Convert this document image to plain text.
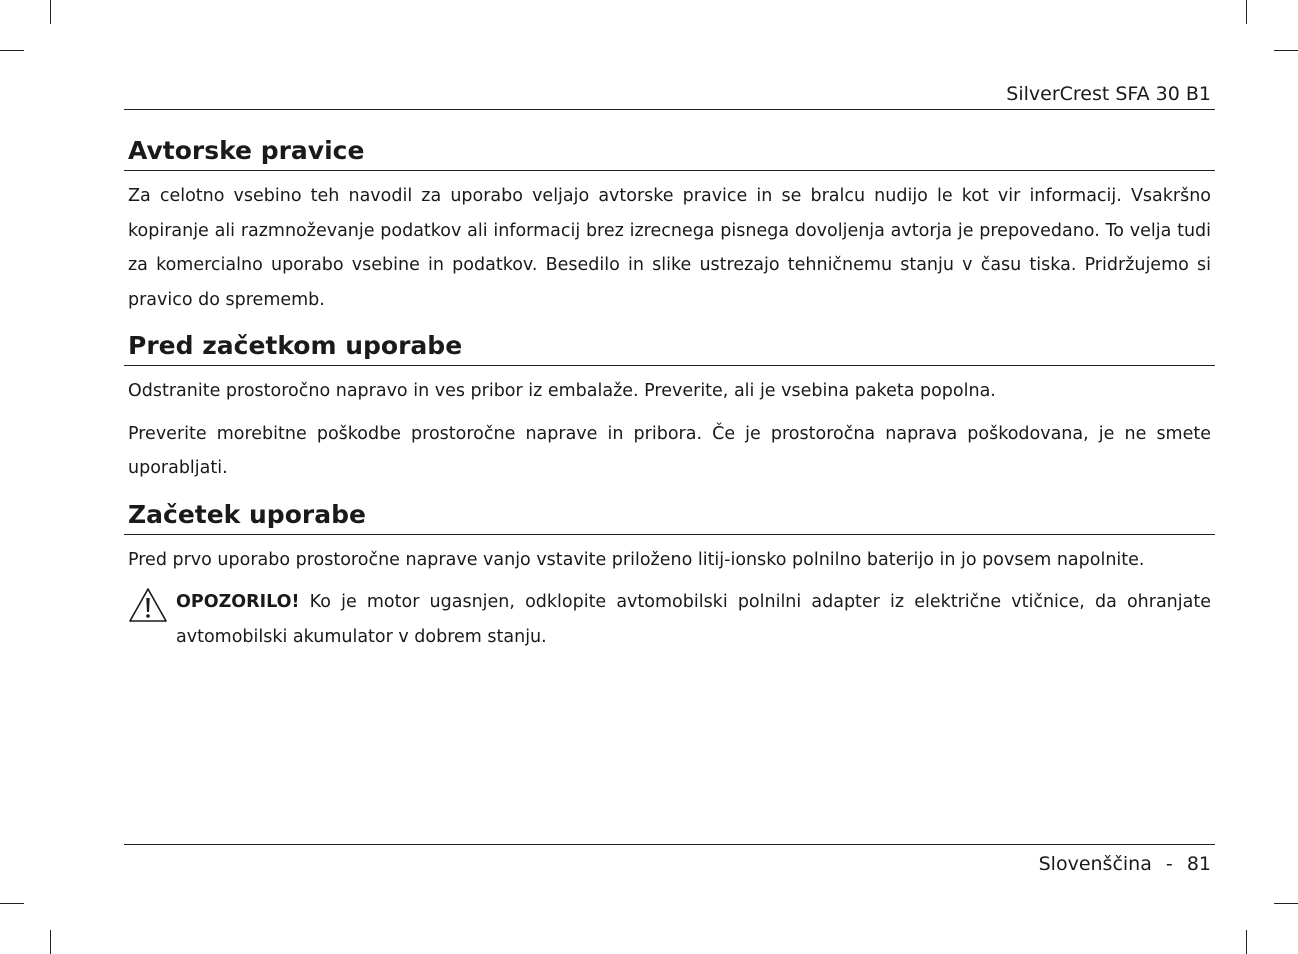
SilverCrest SFA 30 B1
Avtorske pravice

Za celotno vsebino teh navodil za uporabo veljajo avtorske pravice in se bralcu nudijo le kot vir informacij. Vsakršno kopiranje ali razmnoževanje podatkov ali informacij brez izrecnega pisnega dovoljenja avtorja je prepovedano. To velja tudi za komercialno uporabo vsebine in podatkov. Besedilo in slike ustrezajo tehničnemu stanju v času tiska. Pridržujemo si pravico do sprememb.

Pred začetkom uporabe

Odstranite prostoročno napravo in ves pribor iz embalaže. Preverite, ali je vsebina paketa popolna.

Preverite morebitne poškodbe prostoročne naprave in pribora. Če je prostoročna naprava poškodovana, je ne smete uporabljati.

Začetek uporabe

Pred prvo uporabo prostoročne naprave vanjo vstavite priloženo litij-ionsko polnilno baterijo in jo povsem napolnite.

OPOZORILO! Ko je motor ugasnjen, odklopite avtomobilski polnilni adapter iz električne vtičnice, da ohranjate avtomobilski akumulator v dobrem stanju.
Slovenščina - 81
